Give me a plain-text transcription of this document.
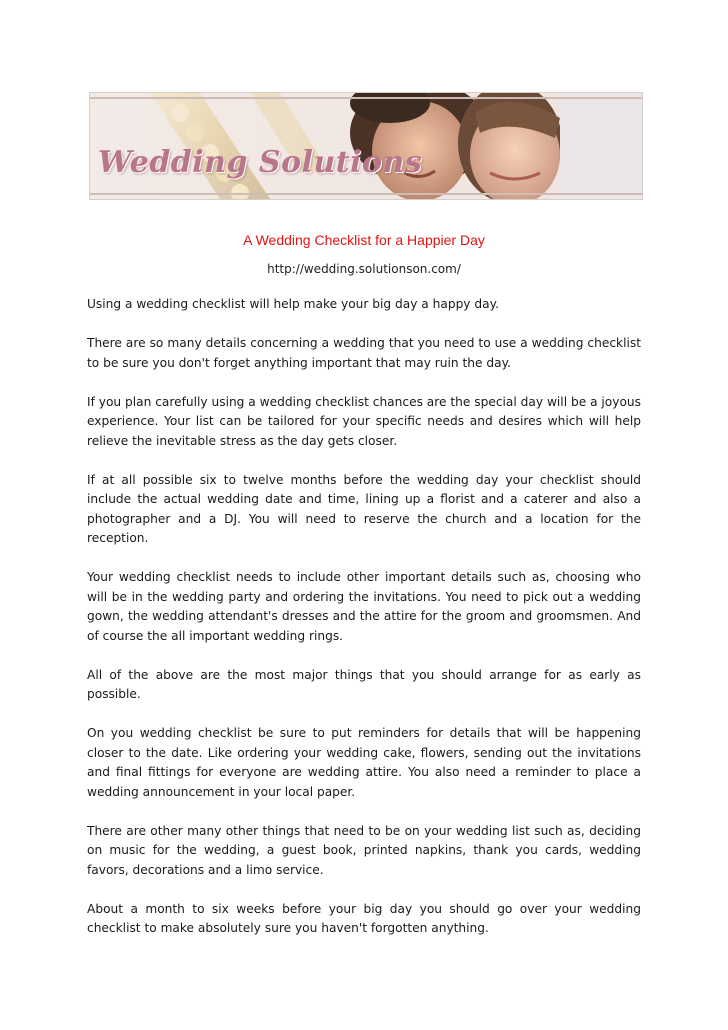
Wedding Solutions
A Wedding Checklist for a Happier Day
http://wedding.solutionson.com/

Using a wedding checklist will help make your big day a happy day.

There are so many details concerning a wedding that you need to use a wedding checklist to be sure you don't forget anything important that may ruin the day.

If you plan carefully using a wedding checklist chances are the special day will be a joyous experience. Your list can be tailored for your specific needs and desires which will help relieve the inevitable stress as the day gets closer.

If at all possible six to twelve months before the wedding day your checklist should include the actual wedding date and time, lining up a florist and a caterer and also a photographer and a DJ. You will need to reserve the church and a location for the reception.

Your wedding checklist needs to include other important details such as, choosing who will be in the wedding party and ordering the invitations. You need to pick out a wedding gown, the wedding attendant's dresses and the attire for the groom and groomsmen. And of course the all important wedding rings.

All of the above are the most major things that you should arrange for as early as possible.

On you wedding checklist be sure to put reminders for details that will be happening closer to the date. Like ordering your wedding cake, flowers, sending out the invitations and final fittings for everyone are wedding attire. You also need a reminder to place a wedding announcement in your local paper.

There are other many other things that need to be on your wedding list such as, deciding on music for the wedding, a guest book, printed napkins, thank you cards, wedding favors, decorations and a limo service.

About a month to six weeks before your big day you should go over your wedding checklist to make absolutely sure you haven't forgotten anything.
